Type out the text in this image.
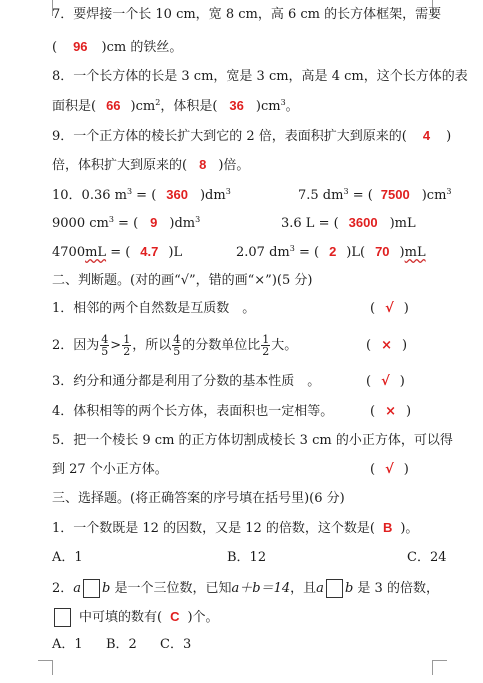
7．要焊接一个长 10 cm，宽 8 cm，高 6 cm 的长方体框架，需要
( 96 )cm 的铁丝。
8．一个长方体的长是 3 cm，宽是 3 cm，高是 4 cm，这个长方体的表
面积是( 66 )$cm^2$，体积是( 36 )$cm^3$。
9．一个正方体的棱长扩大到它的 2 倍，表面积扩大到原来的( 4 )
倍，体积扩大到原来的( 8 )倍。
10．0.36 $m^3$ = ( 360 )$dm^3$	7.5 $dm^3$ = ( 7500 )$cm^3$
9000 $cm^3$ = ( 9 )$dm^3$	3.6 L = ( 3600 )mL
4700mL = ( 4.7 )L	2.07 $dm^3$ = ( 2 )L( 70 )mL
二、判断题。(对的画“√”，错的画“×”)(5 分)
1．相邻的两个自然数是互质数　。	( √ )
2．因为 $\frac{4}{5} > \frac{1}{2}$ ，所以 $\frac{4}{5}$ 的分数单位比 $\frac{1}{2}$ 大。	( × )
3．约分和通分都是利用了分数的基本性质　。	( √ )
4．体积相等的两个长方体，表面积也一定相等。	( × )
5．把一个棱长 9 cm 的正方体切割成棱长 3 cm 的小正方体，可以得
到 27 个小正方体。	( √ )
三、选择题。(将正确答案的序号填在括号里)(6 分)
1．一个数既是 12 的因数，又是 12 的倍数，这个数是( B )。
A．1	B．12	C．24
2．a b 是一个三位数，已知a＋b＝14，且a b 是 3 的倍数，
中可填的数有( C )个。
A．1 B．2 C．3
